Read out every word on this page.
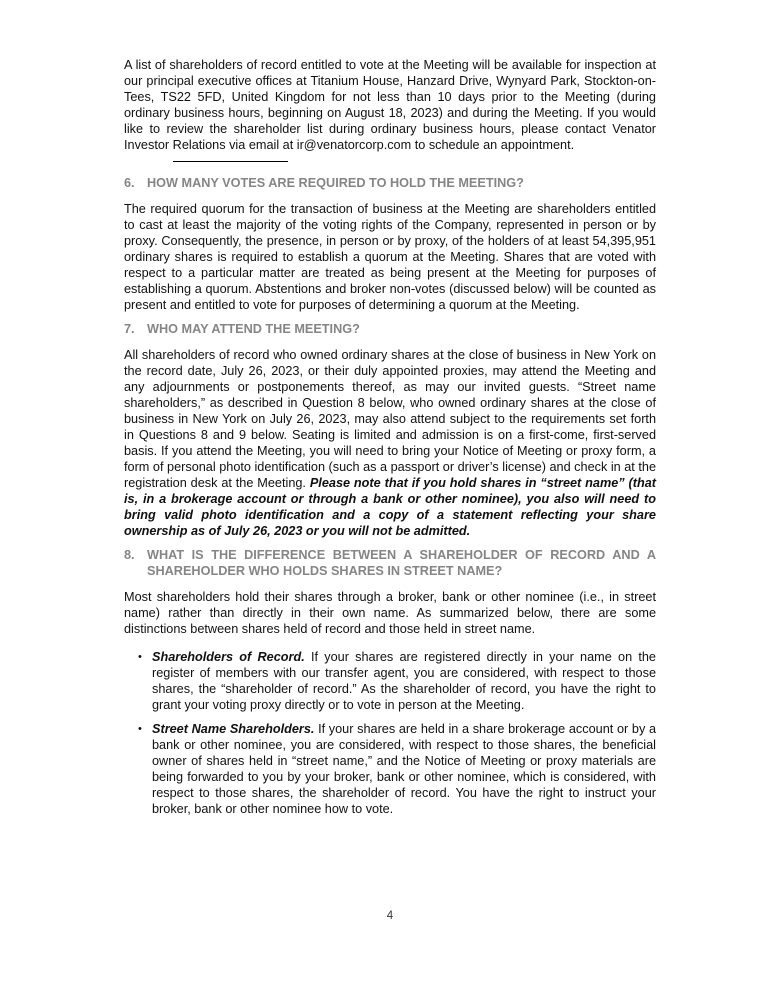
A list of shareholders of record entitled to vote at the Meeting will be available for inspection at our principal executive offices at Titanium House, Hanzard Drive, Wynyard Park, Stockton-on- Tees, TS22 5FD, United Kingdom for not less than 10 days prior to the Meeting (during ordinary business hours, beginning on August 18, 2023) and during the Meeting. If you would like to review the shareholder list during ordinary business hours, please contact Venator Investor Relations via email at ir@venatorcorp.com to schedule an appointment.

6. HOW MANY VOTES ARE REQUIRED TO HOLD THE MEETING?

The required quorum for the transaction of business at the Meeting are shareholders entitled to cast at least the majority of the voting rights of the Company, represented in person or by proxy. Consequently, the presence, in person or by proxy, of the holders of at least 54,395,951 ordinary shares is required to establish a quorum at the Meeting. Shares that are voted with respect to a particular matter are treated as being present at the Meeting for purposes of establishing a quorum. Abstentions and broker non-votes (discussed below) will be counted as present and entitled to vote for purposes of determining a quorum at the Meeting.

7. WHO MAY ATTEND THE MEETING?

All shareholders of record who owned ordinary shares at the close of business in New York on the record date, July 26, 2023, or their duly appointed proxies, may attend the Meeting and any adjournments or postponements thereof, as may our invited guests. “Street name shareholders,” as described in Question 8 below, who owned ordinary shares at the close of business in New York on July 26, 2023, may also attend subject to the requirements set forth in Questions 8 and 9 below. Seating is limited and admission is on a first-come, first-served basis. If you attend the Meeting, you will need to bring your Notice of Meeting or proxy form, a form of personal photo identification (such as a passport or driver’s license) and check in at the registration desk at the Meeting. Please note that if you hold shares in “street name” (that is, in a brokerage account or through a bank or other nominee), you also will need to bring valid photo identification and a copy of a statement reflecting your share ownership as of July 26, 2023 or you will not be admitted.

8. WHAT IS THE DIFFERENCE BETWEEN A SHAREHOLDER OF RECORD AND A SHAREHOLDER WHO HOLDS SHARES IN STREET NAME?

Most shareholders hold their shares through a broker, bank or other nominee (i.e., in street name) rather than directly in their own name. As summarized below, there are some distinctions between shares held of record and those held in street name.

• Shareholders of Record. If your shares are registered directly in your name on the register of members with our transfer agent, you are considered, with respect to those shares, the “shareholder of record.” As the shareholder of record, you have the right to grant your voting proxy directly or to vote in person at the Meeting.
• Street Name Shareholders. If your shares are held in a share brokerage account or by a bank or other nominee, you are considered, with respect to those shares, the beneficial owner of shares held in “street name,” and the Notice of Meeting or proxy materials are being forwarded to you by your broker, bank or other nominee, which is considered, with respect to those shares, the shareholder of record. You have the right to instruct your broker, bank or other nominee how to vote.
4
